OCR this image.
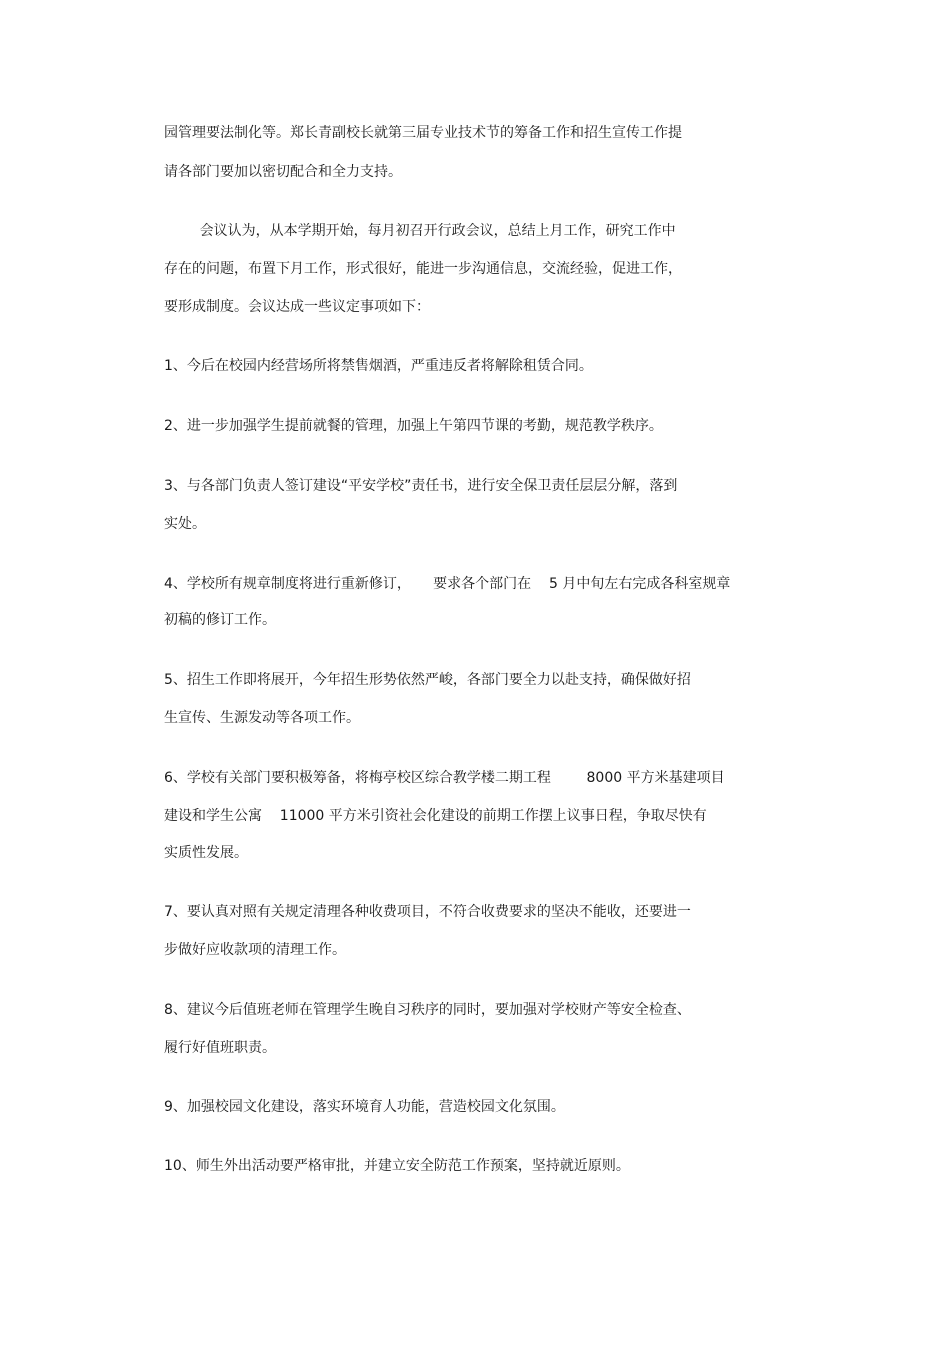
园管理要法制化等。郑长青副校长就第三届专业技术节的筹备工作和招生宣传工作提

请各部门要加以密切配合和全力支持。

会议认为，从本学期开始，每月初召开行政会议，总结上月工作，研究工作中

存在的问题，布置下月工作，形式很好，能进一步沟通信息，交流经验，促进工作，

要形成制度。会议达成一些议定事项如下：

1、今后在校园内经营场所将禁售烟酒，严重违反者将解除租赁合同。

2、进一步加强学生提前就餐的管理，加强上午第四节课的考勤，规范教学秩序。

3、与各部门负责人签订建设“平安学校”责任书，进行安全保卫责任层层分解，落到

实处。

4、学校所有规章制度将进行重新修订，     要求各个部门在    5 月中旬左右完成各科室规章

初稿的修订工作。

5、招生工作即将展开，今年招生形势依然严峻，各部门要全力以赴支持，确保做好招

生宣传、生源发动等各项工作。

6、学校有关部门要积极筹备，将梅亭校区综合教学楼二期工程        8000 平方米基建项目

建设和学生公寓    11000 平方米引资社会化建设的前期工作摆上议事日程，争取尽快有

实质性发展。

7、要认真对照有关规定清理各种收费项目，不符合收费要求的坚决不能收，还要进一

步做好应收款项的清理工作。

8、建议今后值班老师在管理学生晚自习秩序的同时，要加强对学校财产等安全检查、

履行好值班职责。

9、加强校园文化建设，落实环境育人功能，营造校园文化氛围。

10、师生外出活动要严格审批，并建立安全防范工作预案，坚持就近原则。
